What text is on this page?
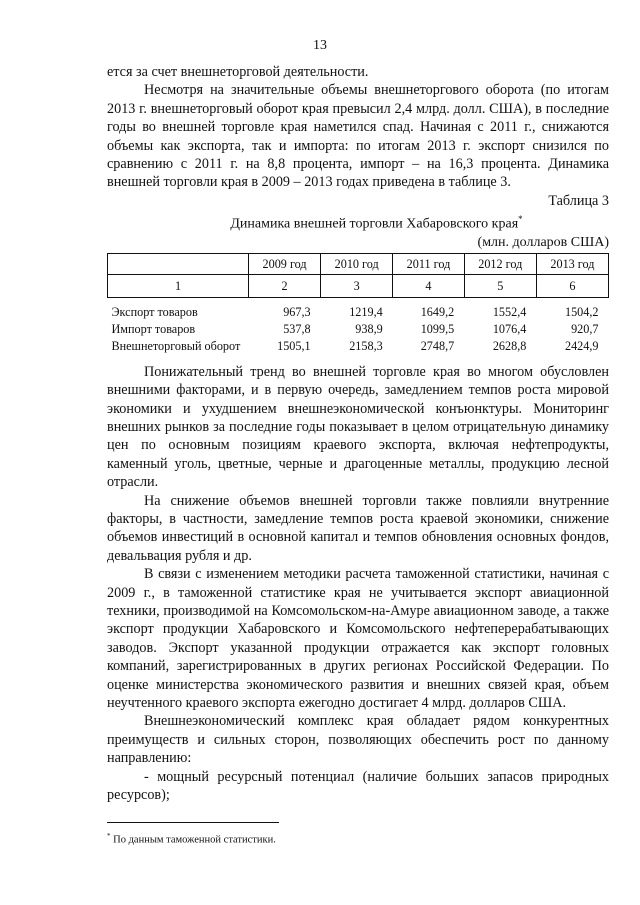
13

ется за счет внешнеторговой деятельности.

Несмотря на значительные объемы внешнеторгового оборота (по итогам 2013 г. внешнеторговый оборот края превысил 2,4 млрд. долл. США), в последние годы во внешней торговле края наметился спад. Начиная с 2011 г., снижаются объемы как экспорта, так и импорта: по итогам 2013 г. экспорт снизился по сравнению с 2011 г. на 8,8 процента, импорт – на 16,3 процента. Динамика внешней торговли края в 2009 – 2013 годах приведена в таблице 3.

Таблица 3

Динамика внешней торговли Хабаровского края*

(млн. долларов США)

	2009 год	2010 год	2011 год	2012 год	2013 год
1	2	3	4	5	6
Экспорт товаров	967,3	1219,4	1649,2	1552,4	1504,2
Импорт товаров	537,8	938,9	1099,5	1076,4	920,7
Внешнеторговый оборот	1505,1	2158,3	2748,7	2628,8	2424,9

Понижательный тренд во внешней торговле края во многом обусловлен внешними факторами, и в первую очередь, замедлением темпов роста мировой экономики и ухудшением внешнеэкономической конъюнктуры. Мониторинг внешних рынков за последние годы показывает в целом отрицательную динамику цен по основным позициям краевого экспорта, включая нефтепродукты, каменный уголь, цветные, черные и драгоценные металлы, продукцию лесной отрасли.

На снижение объемов внешней торговли также повлияли внутренние факторы, в частности, замедление темпов роста краевой экономики, снижение объемов инвестиций в основной капитал и темпов обновления основных фондов, девальвация рубля и др.

В связи с изменением методики расчета таможенной статистики, начиная с 2009 г., в таможенной статистике края не учитывается экспорт авиационной техники, производимой на Комсомольском-на-Амуре авиационном заводе, а также экспорт продукции Хабаровского и Комсомольского нефтеперерабатывающих заводов. Экспорт указанной продукции отражается как экспорт головных компаний, зарегистрированных в других регионах Российской Федерации. По оценке министерства экономического развития и внешних связей края, объем неучтенного краевого экспорта ежегодно достигает 4 млрд. долларов США.

Внешнеэкономический комплекс края обладает рядом конкурентных преимуществ и сильных сторон, позволяющих обеспечить рост по данному направлению:

- мощный ресурсный потенциал (наличие больших запасов природных ресурсов);

* По данным таможенной статистики.
